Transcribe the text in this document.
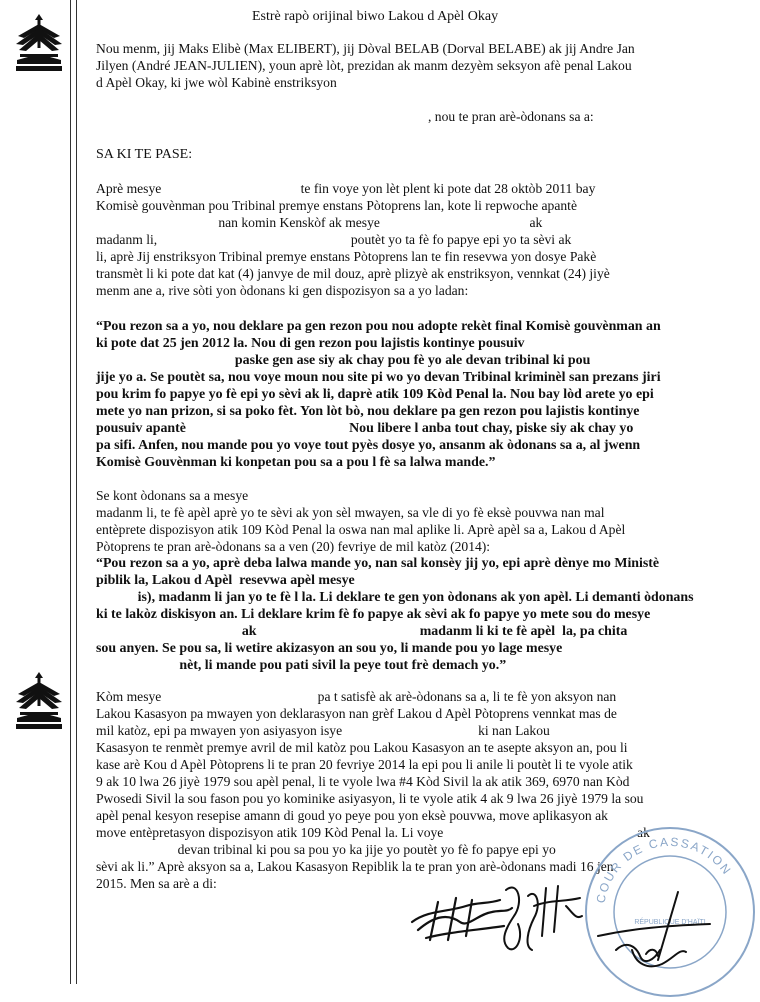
Estrè rapò orijinal biwo Lakou d Apèl Okay
Nou menm, jij Maks Elibè (Max ELIBERT), jij Dòval BELAB (Dorval BELABE) ak jij Andre Jan
Jilyen (André JEAN-JULIEN), youn aprè lòt, prezidan ak manm dezyèm seksyon afè penal Lakou
d Apèl Okay, ki jwe wòl Kabinè enstriksyon
, nou te pran arè-òdonans sa a:
SA KI TE PASE:
Aprè mesye                                         te fin voye yon lèt plent ki pote dat 28 oktòb 2011 bay
Komisè gouvènman pou Tribinal premye enstans Pòtoprens lan, kote li repwoche apantè
nan komin Kenskòf ak mesye                                            ak
madanm li,                                                         poutèt yo ta fè fo papye epi yo ta sèvi ak
li, aprè Jij enstriksyon Tribinal premye enstans Pòtoprens lan te fin resevwa yon dosye Pakè
transmèt li ki pote dat kat (4) janvye de mil douz, aprè plizyè ak enstriksyon, vennkat (24) jiyè
menm ane a, rive sòti yon òdonans ki gen dispozisyon sa a yo ladan:
“Pou rezon sa a yo, nou deklare pa gen rezon pou nou adopte rekèt final Komisè gouvènman an
ki pote dat 25 jen 2012 la. Nou di gen rezon pou lajistis kontinye pousuiv
paske gen ase siy ak chay pou fè yo ale devan tribinal ki pou
jije yo a. Se poutèt sa, nou voye moun nou site pi wo yo devan Tribinal kriminèl san prezans jiri
pou krim fo papye yo fè epi yo sèvi ak li, daprè atik 109 Kòd Penal la. Nou bay lòd arete yo epi
mete yo nan prizon, si sa poko fèt. Yon lòt bò, nou deklare pa gen rezon pou lajistis kontinye
pousuiv apantè                                               Nou libere l anba tout chay, piske siy ak chay yo
pa sifi. Anfen, nou mande pou yo voye tout pyès dosye yo, ansanm ak òdonans sa a, al jwenn
Komisè Gouvènman ki konpetan pou sa a pou l fè sa lalwa mande.”
Se kont òdonans sa a mesye
madanm li, te fè apèl aprè yo te sèvi ak yon sèl mwayen, sa vle di yo fè eksè pouvwa nan mal
entèprete dispozisyon atik 109 Kòd Penal la oswa nan mal aplike li. Aprè apèl sa a, Lakou d Apèl
Pòtoprens te pran arè-òdonans sa a ven (20) fevriye de mil katòz (2014):
“Pou rezon sa a yo, aprè deba lalwa mande yo, nan sal konsèy jij yo, epi aprè dènye mo Ministè
piblik la, Lakou d Apèl  resevwa apèl mesye
is), madanm li jan yo te fè l la. Li deklare te gen yon òdonans ak yon apèl. Li demanti òdonans
ki te lakòz diskisyon an. Li deklare krim fè fo papye ak sèvi ak fo papye yo mete sou do mesye
ak                                               madanm li ki te fè apèl  la, pa chita
sou anyen. Se pou sa, li wetire akizasyon an sou yo, li mande pou yo lage mesye
nèt, li mande pou pati sivil la peye tout frè demach yo.”
Kòm mesye                                              pa t satisfè ak arè-òdonans sa a, li te fè yon aksyon nan
Lakou Kasasyon pa mwayen yon deklarasyon nan grèf Lakou d Apèl Pòtoprens vennkat mas de
mil katòz, epi pa mwayen yon asiyasyon isye                                        ki nan Lakou
Kasasyon te renmèt premye avril de mil katòz pou Lakou Kasasyon an te asepte aksyon an, pou li
kase arè Kou d Apèl Pòtoprens li te pran 20 fevriye 2014 la epi pou li anile li poutèt li te vyole atik
9 ak 10 lwa 26 jiyè 1979 sou apèl penal, li te vyole lwa #4 Kòd Sivil la ak atik 369, 6970 nan Kòd
Pwosedi Sivil la sou fason pou yo kominike asiyasyon, li te vyole atik 4 ak 9 lwa 26 jiyè 1979 la sou
apèl penal kesyon resepise amann di goud yo peye pou yon eksè pouvwa, move aplikasyon ak
move entèpretasyon dispozisyon atik 109 Kòd Penal la. Li voye                                                         ak
devan tribinal ki pou sa pou yo ka jije yo poutèt yo fè fo papye epi yo
sèvi ak li.” Aprè aksyon sa a, Lakou Kasasyon Repiblik la te pran yon arè-òdonans madi 16 jen
2015. Men sa arè a di:
COUR DE CASSATION
RÉPUBLIQUE D'HAÏTI
